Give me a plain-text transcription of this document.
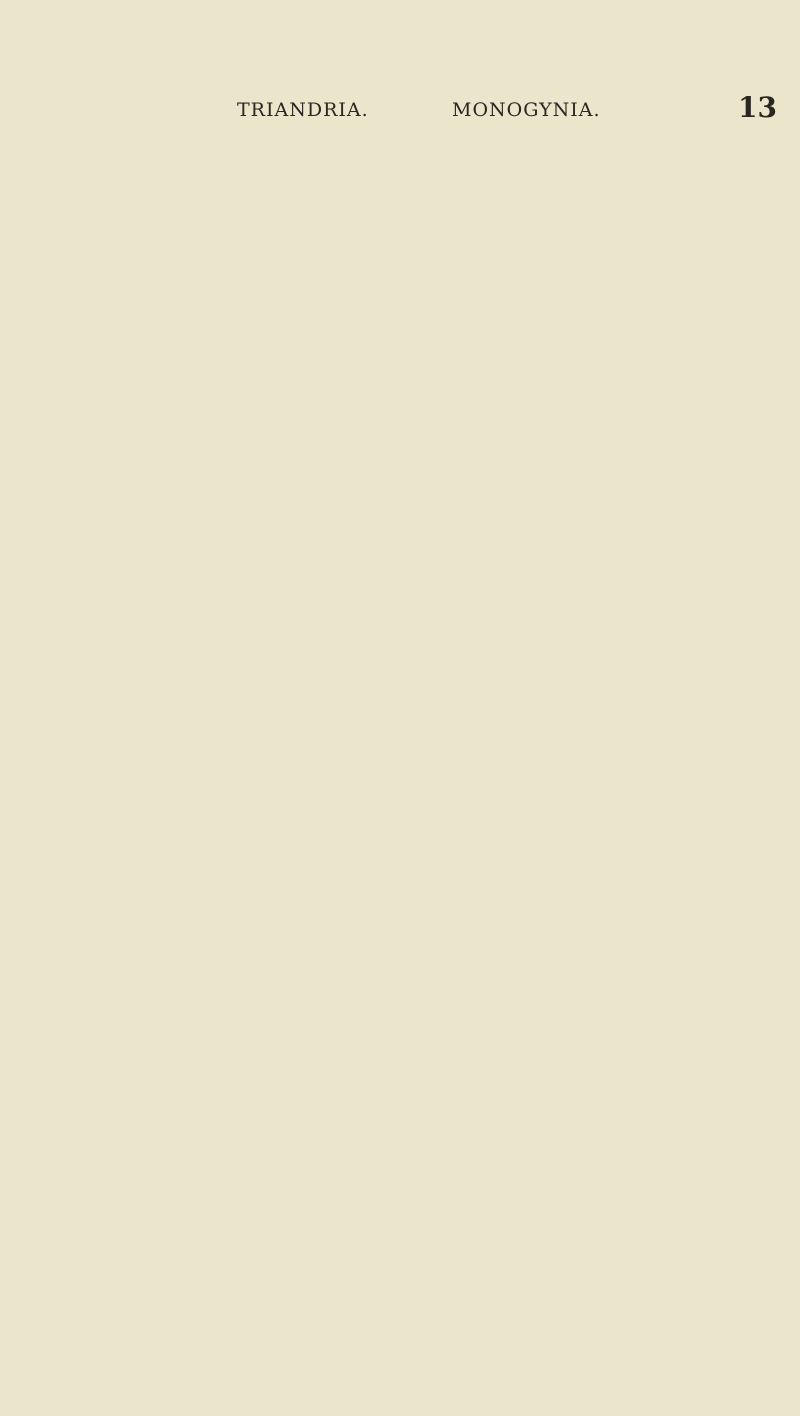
TRIANDRIA.	MONOGYNIA.	13
